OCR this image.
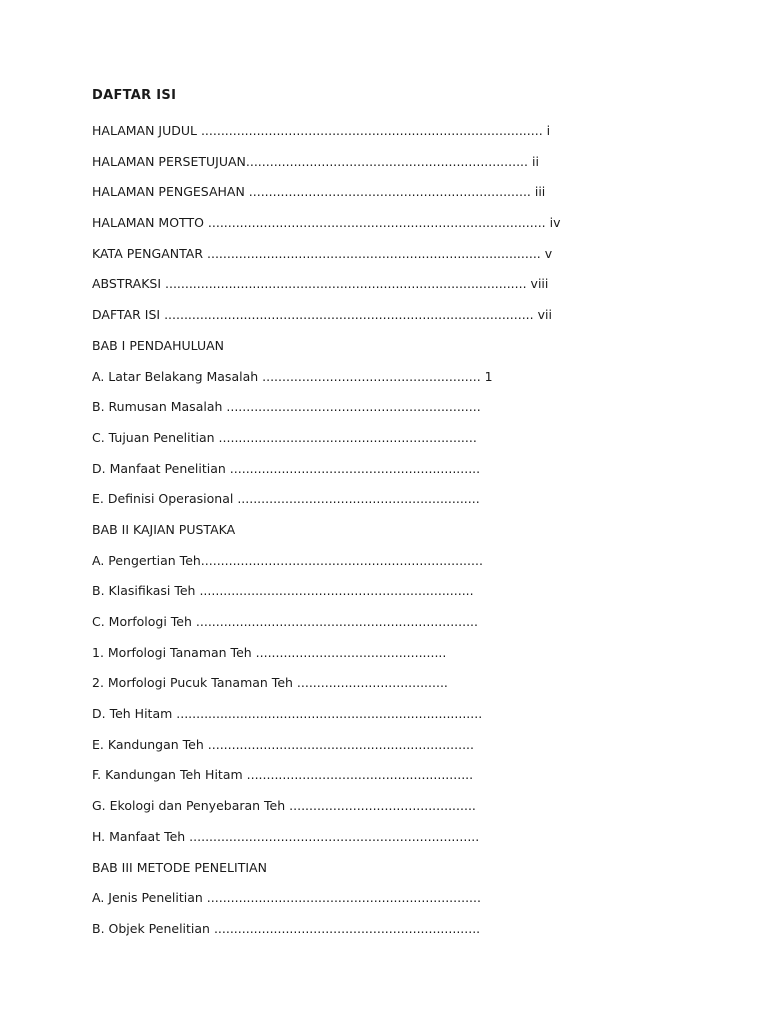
DAFTAR ISI
HALAMAN JUDUL ...................................................................................... i
HALAMAN PERSETUJUAN....................................................................... ii
HALAMAN PENGESAHAN ....................................................................... iii
HALAMAN MOTTO ..................................................................................... iv
KATA PENGANTAR .................................................................................... v
ABSTRAKSI ........................................................................................... viii
DAFTAR ISI ............................................................................................. vii
BAB I PENDAHULUAN
A. Latar Belakang Masalah ....................................................... 1
B. Rumusan Masalah ................................................................
C. Tujuan Penelitian .................................................................
D. Manfaat Penelitian ...............................................................
E. Definisi Operasional .............................................................
BAB II KAJIAN PUSTAKA
A. Pengertian Teh.......................................................................
B. Klasifikasi Teh .....................................................................
C. Morfologi Teh .......................................................................
1. Morfologi Tanaman Teh ................................................
2. Morfologi Pucuk Tanaman Teh ......................................
D. Teh Hitam .............................................................................
E. Kandungan Teh ...................................................................
F. Kandungan Teh Hitam .........................................................
G. Ekologi dan Penyebaran Teh ...............................................
H. Manfaat Teh .........................................................................
BAB III METODE PENELITIAN
A. Jenis Penelitian .....................................................................
B. Objek Penelitian ...................................................................
